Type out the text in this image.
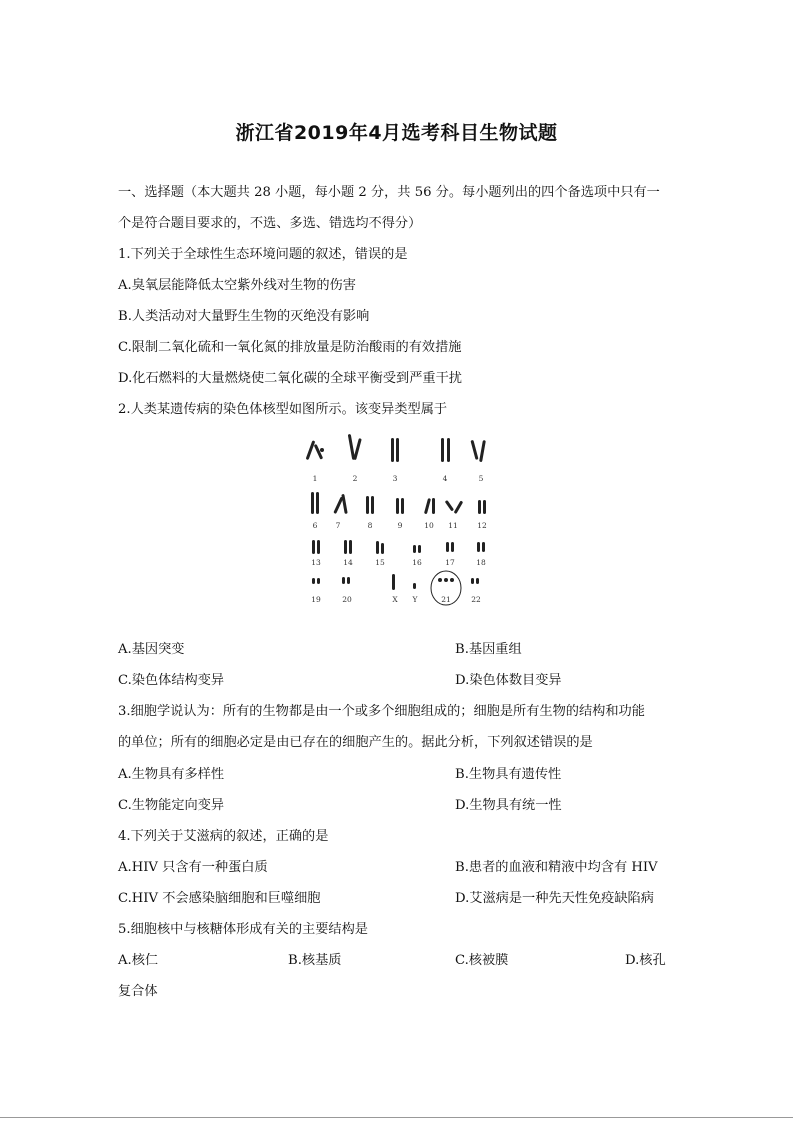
浙江省2019年4月选考科目生物试题
一、选择题（本大题共 28 小题，每小题 2 分，共 56 分。每小题列出的四个备选项中只有一
个是符合题目要求的，不选、多选、错选均不得分）
1.下列关于全球性生态环境问题的叙述，错误的是
A.臭氧层能降低太空紫外线对生物的伤害
B.人类活动对大量野生生物的灭绝没有影响
C.限制二氧化硫和一氧化氮的排放量是防治酸雨的有效措施
D.化石燃料的大量燃烧使二氧化碳的全球平衡受到严重干扰
2.人类某遗传病的染色体核型如图所示。该变异类型属于
1	2	3	4	5
6 7	8	9	10 11	12
13	14	15	16	17	18
19	20	X Y	21	22
A.基因突变	B.基因重组
C.染色体结构变异	D.染色体数目变异
3.细胞学说认为：所有的生物都是由一个或多个细胞组成的；细胞是所有生物的结构和功能
的单位；所有的细胞必定是由已存在的细胞产生的。据此分析，下列叙述错误的是
A.生物具有多样性	B.生物具有遗传性
C.生物能定向变异	D.生物具有统一性
4.下列关于艾滋病的叙述，正确的是
A.HIV 只含有一种蛋白质	B.患者的血液和精液中均含有 HIV
C.HIV 不会感染脑细胞和巨噬细胞	D.艾滋病是一种先天性免疫缺陷病
5.细胞核中与核糖体形成有关的主要结构是
A.核仁	B.核基质	C.核被膜	D.核孔
复合体
